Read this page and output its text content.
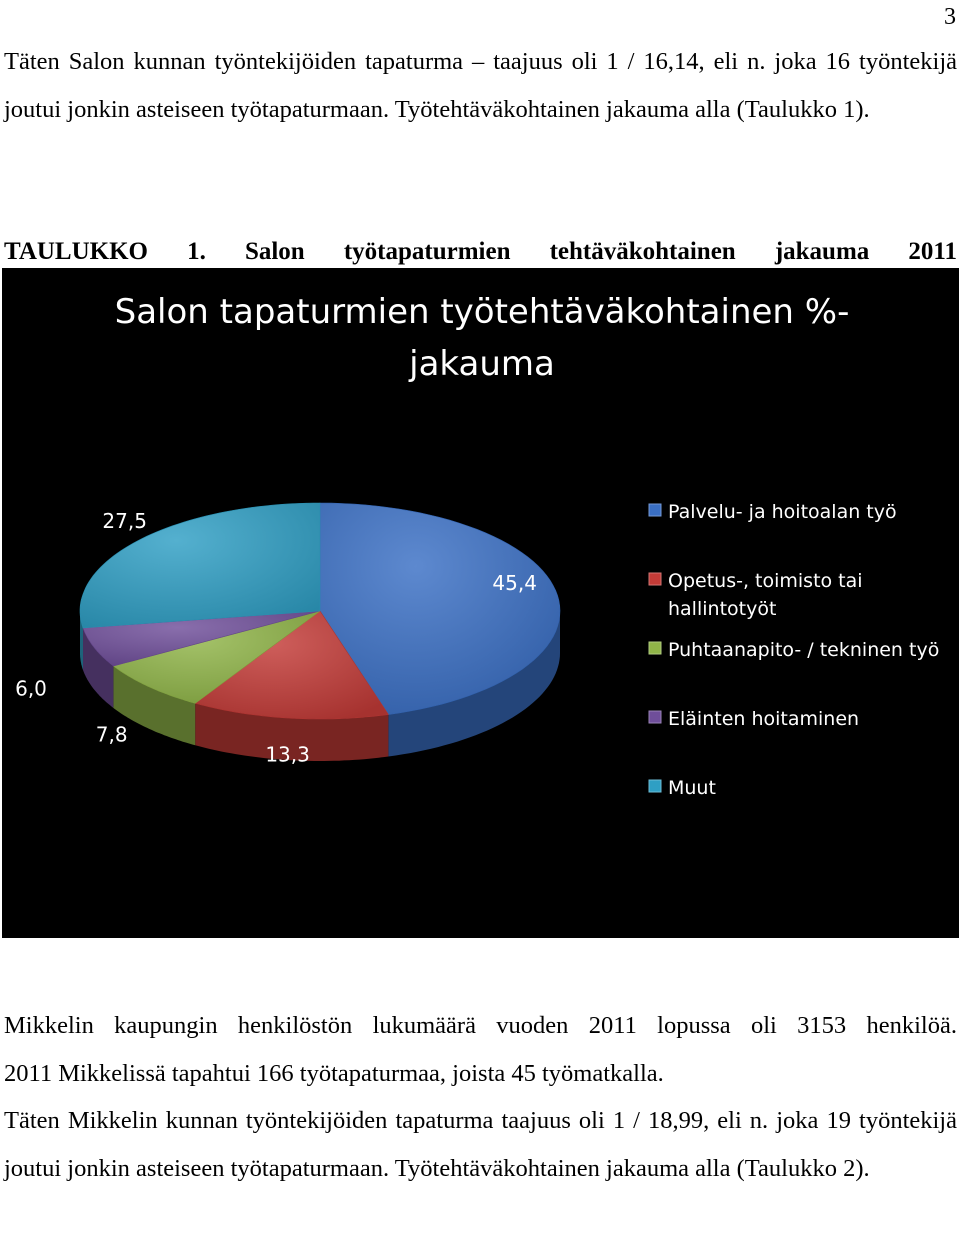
3

Täten Salon kunnan työntekijöiden tapaturma – taajuus oli 1 / 16,14, eli n. joka 16 työntekijä joutui jonkin asteiseen työtapaturmaan. Työtehtäväkohtainen jakauma alla (Taulukko 1).

TAULUKKO 1. Salon työtapaturmien tehtäväkohtainen jakauma 2011
Salon tapaturmien työtehtäväkohtainen %-
jakauma
45,4
13,3
7,8
6,0
27,5	Palvelu- ja hoitoalan työ
Opetus-, toimisto tai
hallintotyöt
Puhtaanapito- / tekninen työ
Eläinten hoitaminen
Muut

Mikkelin kaupungin henkilöstön lukumäärä vuoden 2011 lopussa oli 3153 henkilöä.

2011 Mikkelissä tapahtui 166 työtapaturmaa, joista 45 työmatkalla.

Täten Mikkelin kunnan työntekijöiden tapaturma taajuus oli 1 / 18,99, eli n. joka 19 työntekijä joutui jonkin asteiseen työtapaturmaan. Työtehtäväkohtainen jakauma alla (Taulukko 2).
